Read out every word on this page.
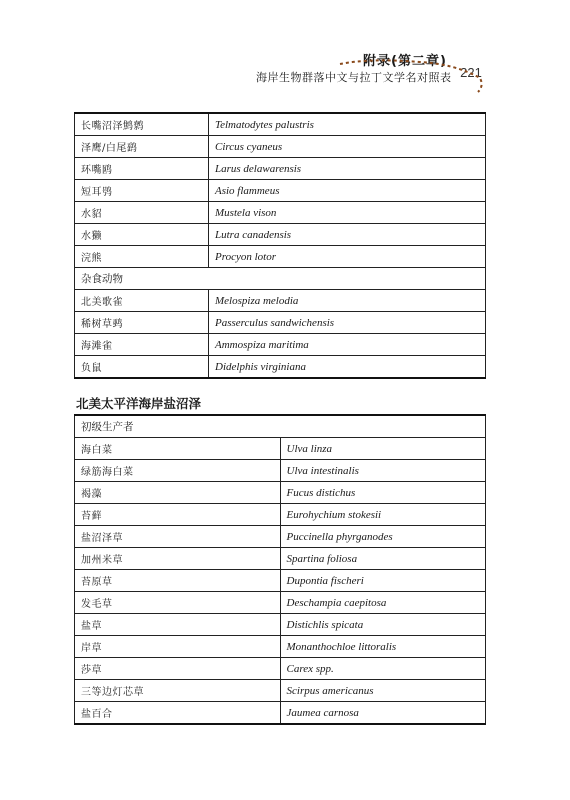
附录(第二章)
海岸生物群落中文与拉丁文学名对照表 221
长嘴沼泽鹪鹩	Telmatodytes palustris
泽鹰/白尾鹞	Circus cyaneus
环嘴鸥	Larus delawarensis
短耳鸮	Asio flammeus
水貂	Mustela vison
水獭	Lutra canadensis
浣熊	Procyon lotor
杂食动物	
北美歌雀	Melospiza melodia
稀树草鹀	Passerculus sandwichensis
海滩雀	Ammospiza maritima
负鼠	Didelphis virginiana
北美太平洋海岸盐沼泽
初级生产者	
海白菜	Ulva linza
绿筋海白菜	Ulva intestinalis
褐藻	Fucus distichus
苔藓	Eurohychium stokesii
盐沼泽草	Puccinella phyrganodes
加州米草	Spartina foliosa
苔原草	Dupontia fischeri
发毛草	Deschampia caepitosa
盐草	Distichlis spicata
岸草	Monanthochloe littoralis
莎草	Carex spp.
三等边灯芯草	Scirpus americanus
盐百合	Jaumea carnosa
